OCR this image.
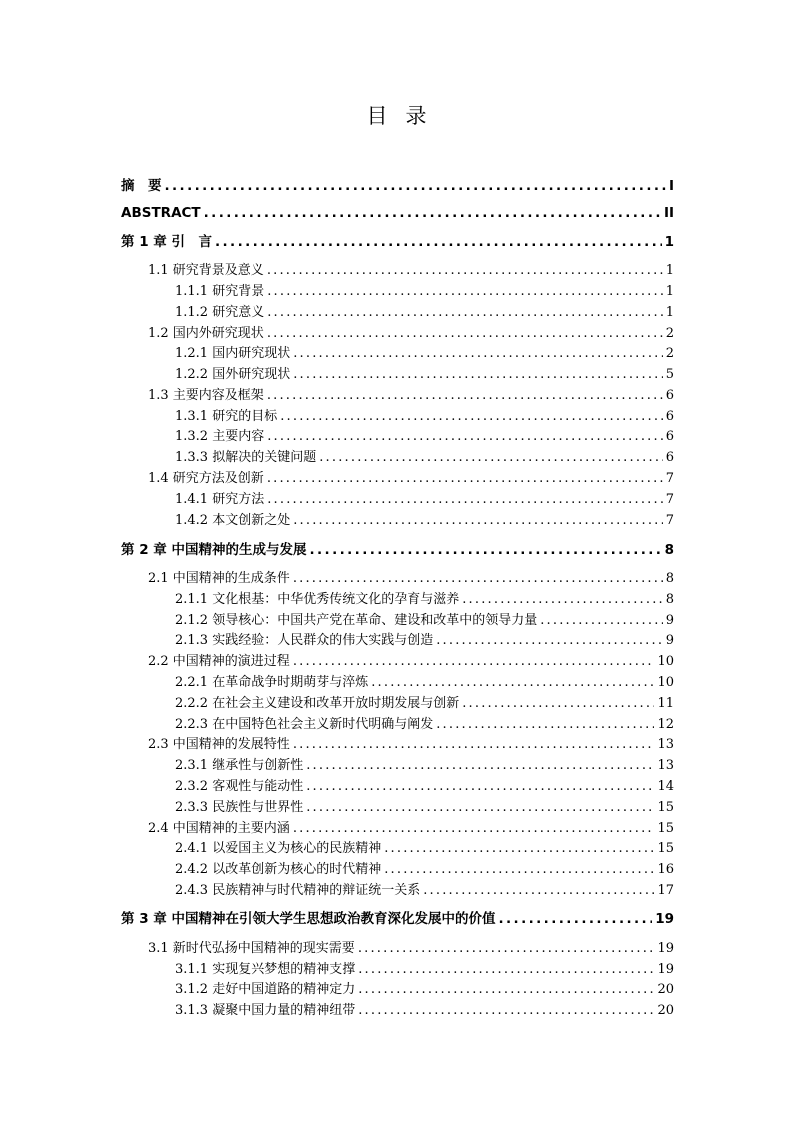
目 录
摘　要 .....	I
ABSTRACT .....	II
第 1 章 引　言 .....	1
1.1 研究背景及意义 .....	1
1.1.1 研究背景 .....	1
1.1.2 研究意义 .....	1
1.2 国内外研究现状 .....	2
1.2.1 国内研究现状 .....	2
1.2.2 国外研究现状 .....	5
1.3 主要内容及框架 .....	6
1.3.1 研究的目标 .....	6
1.3.2 主要内容 .....	6
1.3.3 拟解决的关键问题 .....	6
1.4 研究方法及创新 .....	7
1.4.1 研究方法 .....	7
1.4.2 本文创新之处 .....	7
第 2 章 中国精神的生成与发展 .....	8
2.1 中国精神的生成条件 .....	8
2.1.1 文化根基：中华优秀传统文化的孕育与滋养 .....	8
2.1.2 领导核心：中国共产党在革命、建设和改革中的领导力量 .....	9
2.1.3 实践经验：人民群众的伟大实践与创造 .....	9
2.2 中国精神的演进过程 .....	10
2.2.1 在革命战争时期萌芽与淬炼 .....	10
2.2.2 在社会主义建设和改革开放时期发展与创新 .....	11
2.2.3 在中国特色社会主义新时代明确与阐发 .....	12
2.3 中国精神的发展特性 .....	13
2.3.1 继承性与创新性 .....	13
2.3.2 客观性与能动性 .....	14
2.3.3 民族性与世界性 .....	15
2.4 中国精神的主要内涵 .....	15
2.4.1 以爱国主义为核心的民族精神 .....	15
2.4.2 以改革创新为核心的时代精神 .....	16
2.4.3 民族精神与时代精神的辩证统一关系 .....	17
第 3 章 中国精神在引领大学生思想政治教育深化发展中的价值 .....	19
3.1 新时代弘扬中国精神的现实需要 .....	19
3.1.1 实现复兴梦想的精神支撑 .....	19
3.1.2 走好中国道路的精神定力 .....	20
3.1.3 凝聚中国力量的精神纽带 .....	20
